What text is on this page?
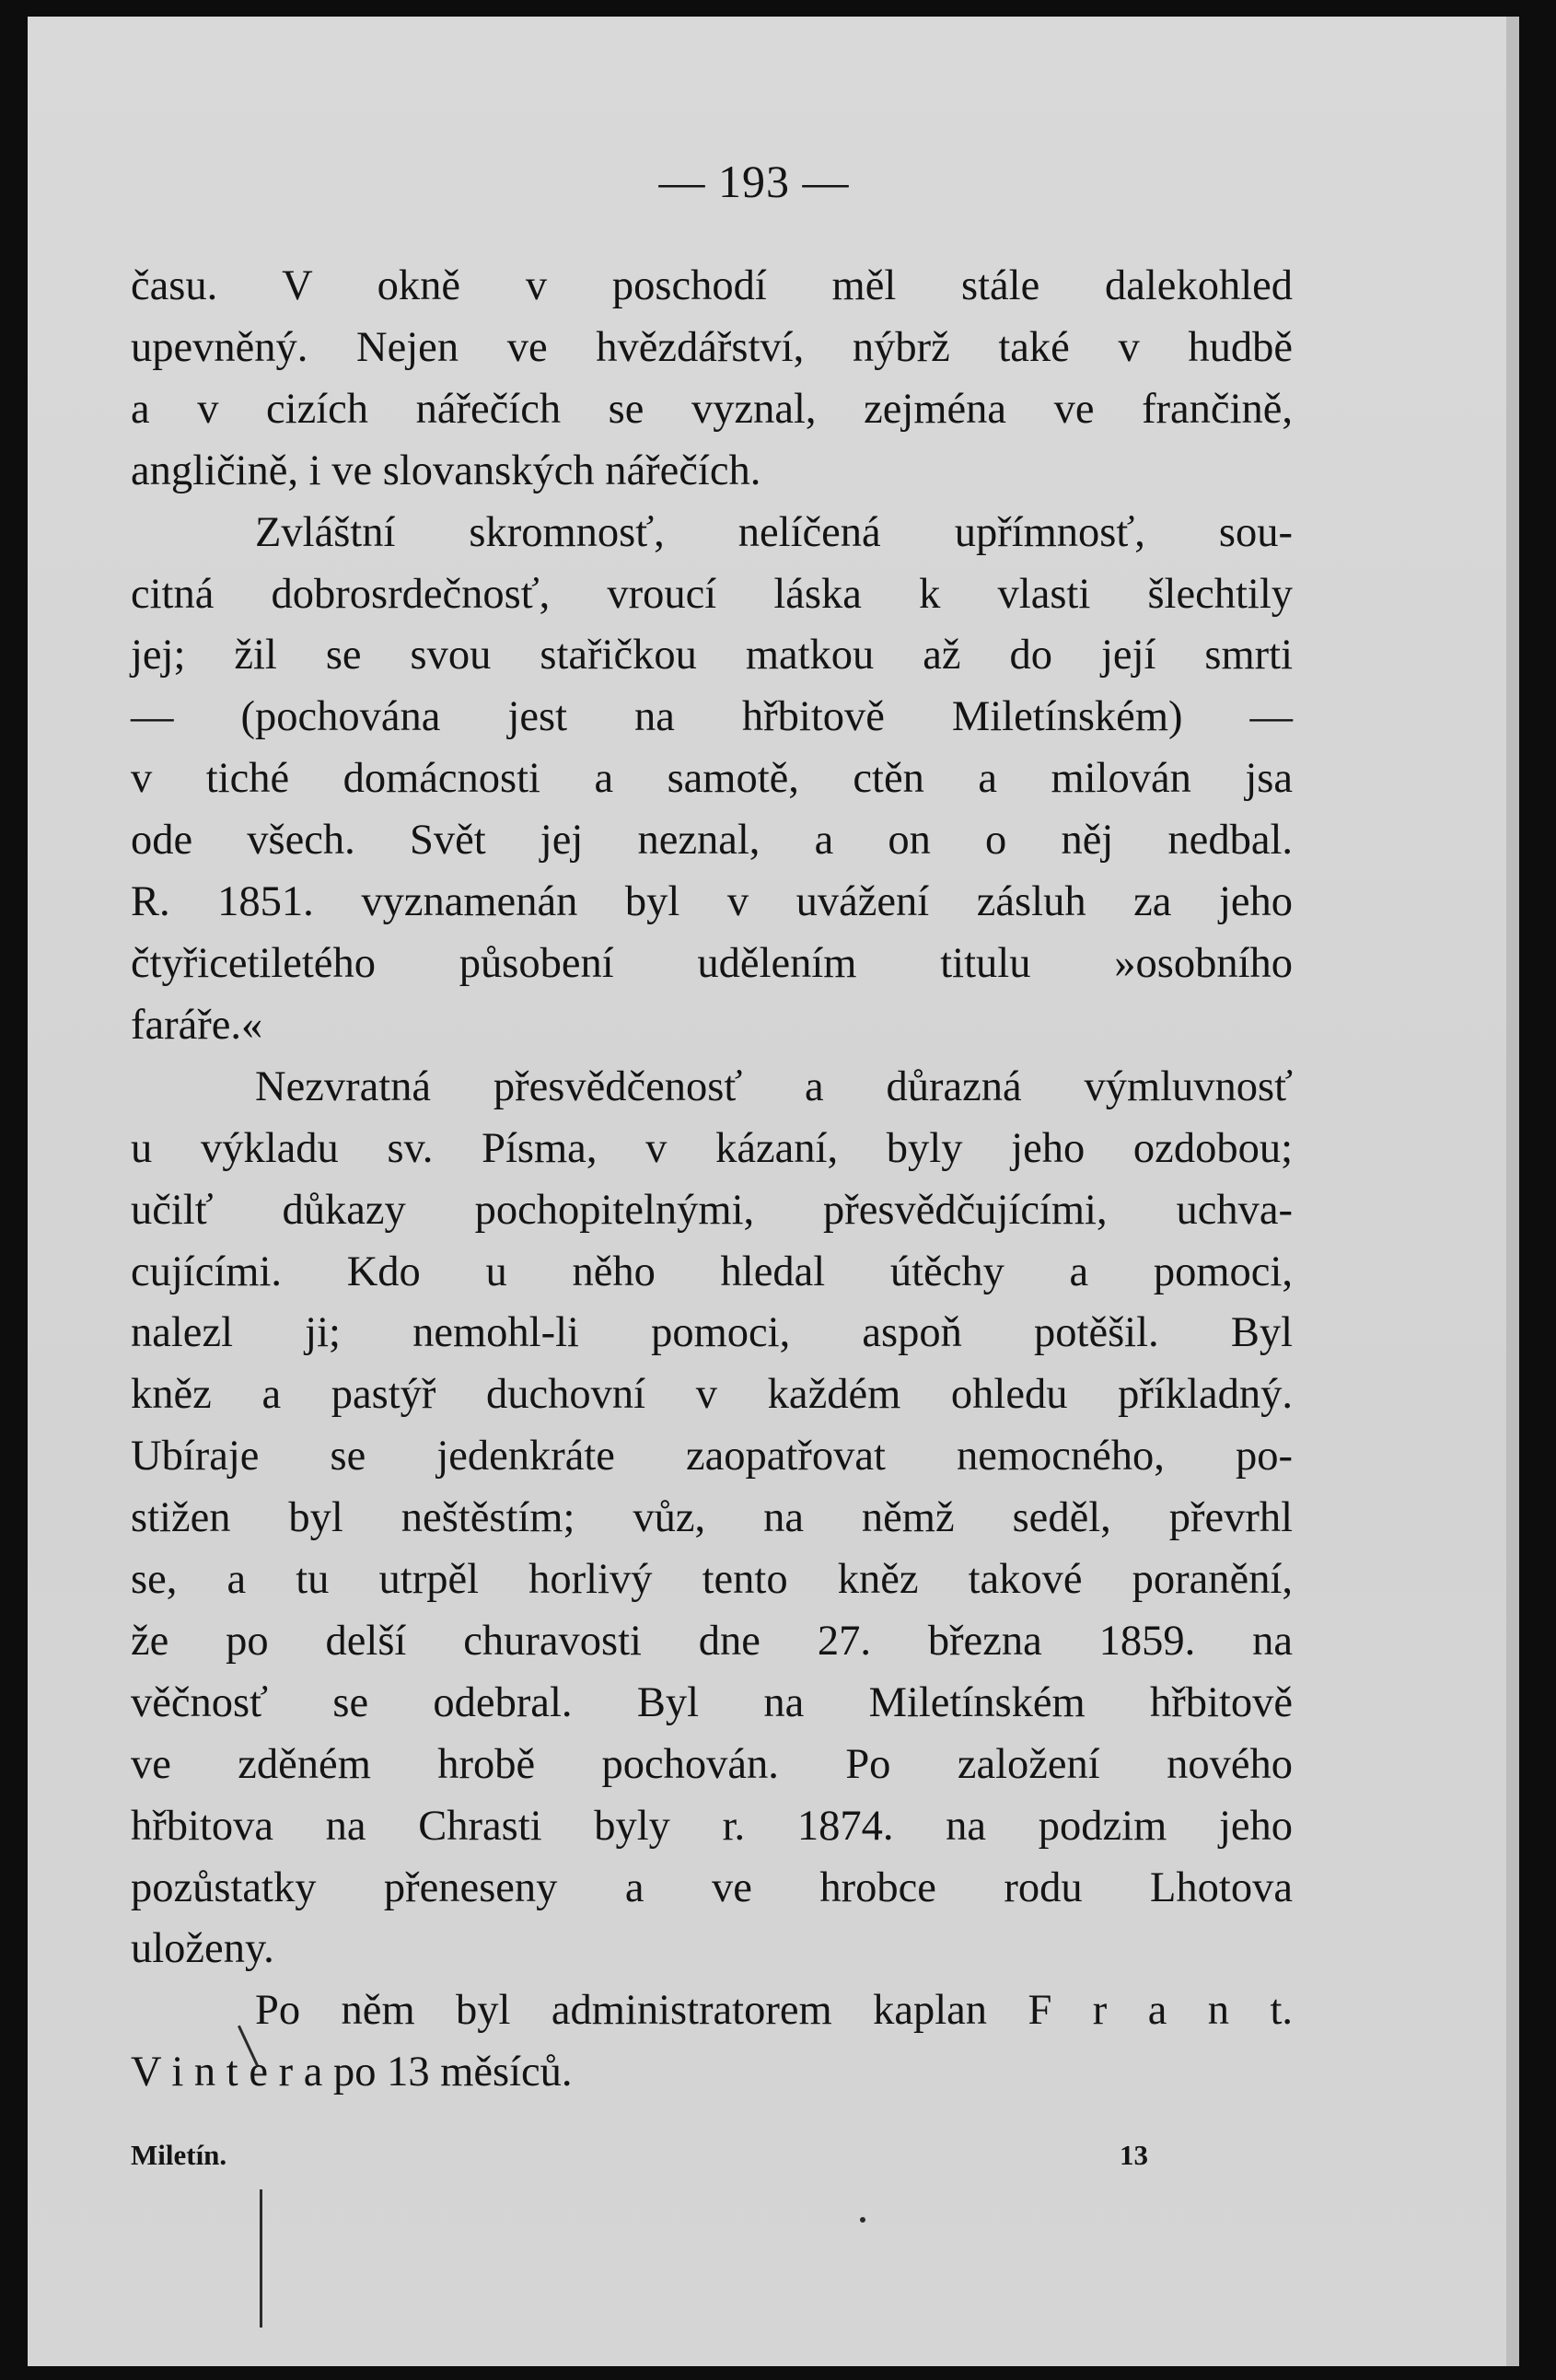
— 193 —
času. V okně v poschodí měl stále dalekohled
upevněný. Nejen ve hvězdářství, nýbrž také v hudbě
a v cizích nářečích se vyznal, zejména ve frančině,
angličině, i ve slovanských nářečích.
Zvláštní skromnosť, nelíčená upřímnosť, sou-
citná dobrosrdečnosť, vroucí láska k vlasti šlechtily
jej; žil se svou stařičkou matkou až do její smrti
— (pochována jest na hřbitově Miletínském) —
v tiché domácnosti a samotě, ctěn a milován jsa
ode všech. Svět jej neznal, a on o něj nedbal.
R. 1851. vyznamenán byl v uvážení zásluh za jeho
čtyřicetiletého působení udělením titulu »osobního
faráře.«
Nezvratná přesvědčenosť a důrazná výmluvnosť
u výkladu sv. Písma, v kázaní, byly jeho ozdobou;
učilť důkazy pochopitelnými, přesvědčujícími, uchva-
cujícími. Kdo u něho hledal útěchy a pomoci,
nalezl ji; nemohl-li pomoci, aspoň potěšil. Byl
kněz a pastýř duchovní v každém ohledu příkladný.
Ubíraje se jedenkráte zaopatřovat nemocného, po-
stižen byl neštěstím; vůz, na němž seděl, převrhl
se, a tu utrpěl horlivý tento kněz takové poranění,
že po delší churavosti dne 27. března 1859. na
věčnosť se odebral. Byl na Miletínském hřbitově
ve zděném hrobě pochován. Po založení nového
hřbitova na Chrasti byly r. 1874. na podzim jeho
pozůstatky přeneseny a ve hrobce rodu Lhotova
uloženy.
Po něm byl administratorem kaplan F r a n t.
V i n t e r a po 13 měsíců.
Miletín.	13
